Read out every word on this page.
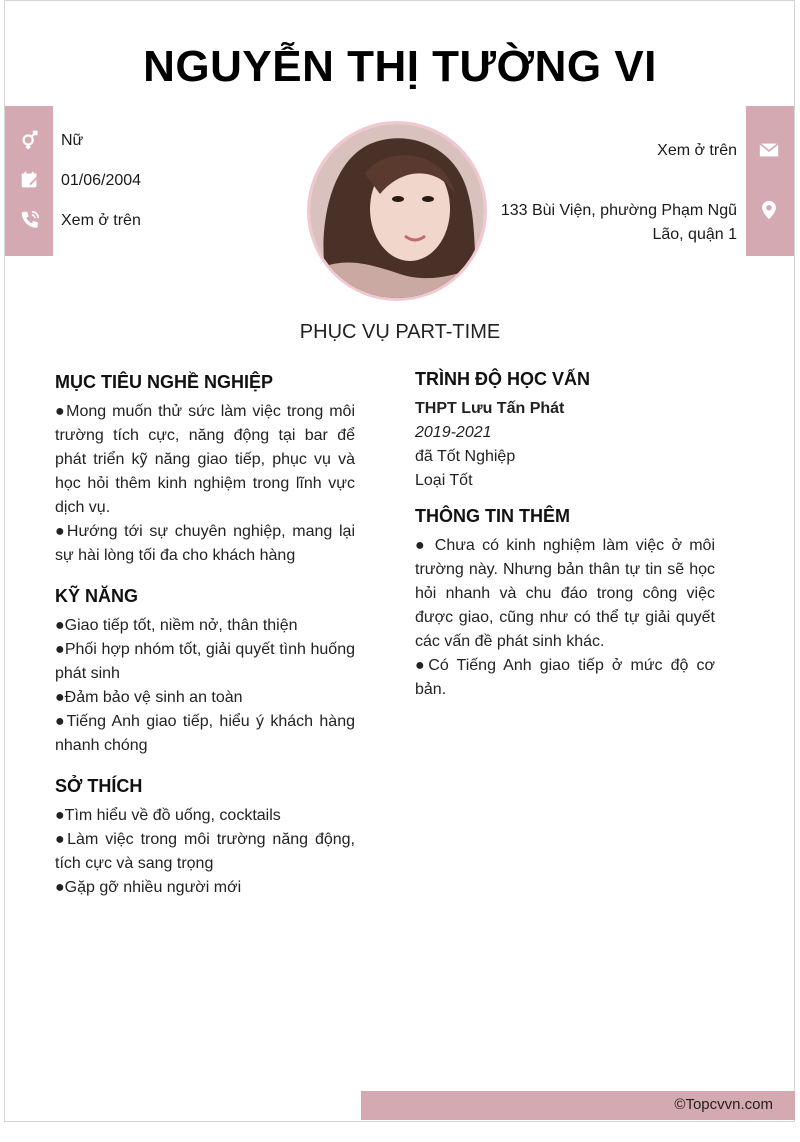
NGUYỄN THỊ TƯỜNG VI
Nữ
01/06/2004
Xem ở trên
Xem ở trên
133 Bùi Viện, phường Phạm Ngũ
Lão, quận 1
PHỤC VỤ PART-TIME

MỤC TIÊU NGHỀ NGHIỆP

●Mong muốn thử sức làm việc trong môi trường tích cực, năng động tại bar để phát triển kỹ năng giao tiếp, phục vụ và học hỏi thêm kinh nghiệm trong lĩnh vực dịch vụ.

●Hướng tới sự chuyên nghiệp, mang lại sự hài lòng tối đa cho khách hàng

KỸ NĂNG

●Giao tiếp tốt, niềm nở, thân thiện

●Phối hợp nhóm tốt, giải quyết tình huống phát sinh

●Đảm bảo vệ sinh an toàn

●Tiếng Anh giao tiếp, hiểu ý khách hàng nhanh chóng

SỞ THÍCH

●Tìm hiểu về đồ uống, cocktails

●Làm việc trong môi trường năng động, tích cực và sang trọng

●Gặp gỡ nhiều người mới

TRÌNH ĐỘ HỌC VẤN

THPT Lưu Tấn Phát

2019-2021

đã Tốt Nghiệp

Loại Tốt

THÔNG TIN THÊM

● Chưa có kinh nghiệm làm việc ở môi trường này. Nhưng bản thân tự tin sẽ học hỏi nhanh và chu đáo trong công việc được giao, cũng như có thể tự giải quyết các vấn đề phát sinh khác.

●Có Tiếng Anh giao tiếp ở mức độ cơ bản.

©Topcvvn.com
